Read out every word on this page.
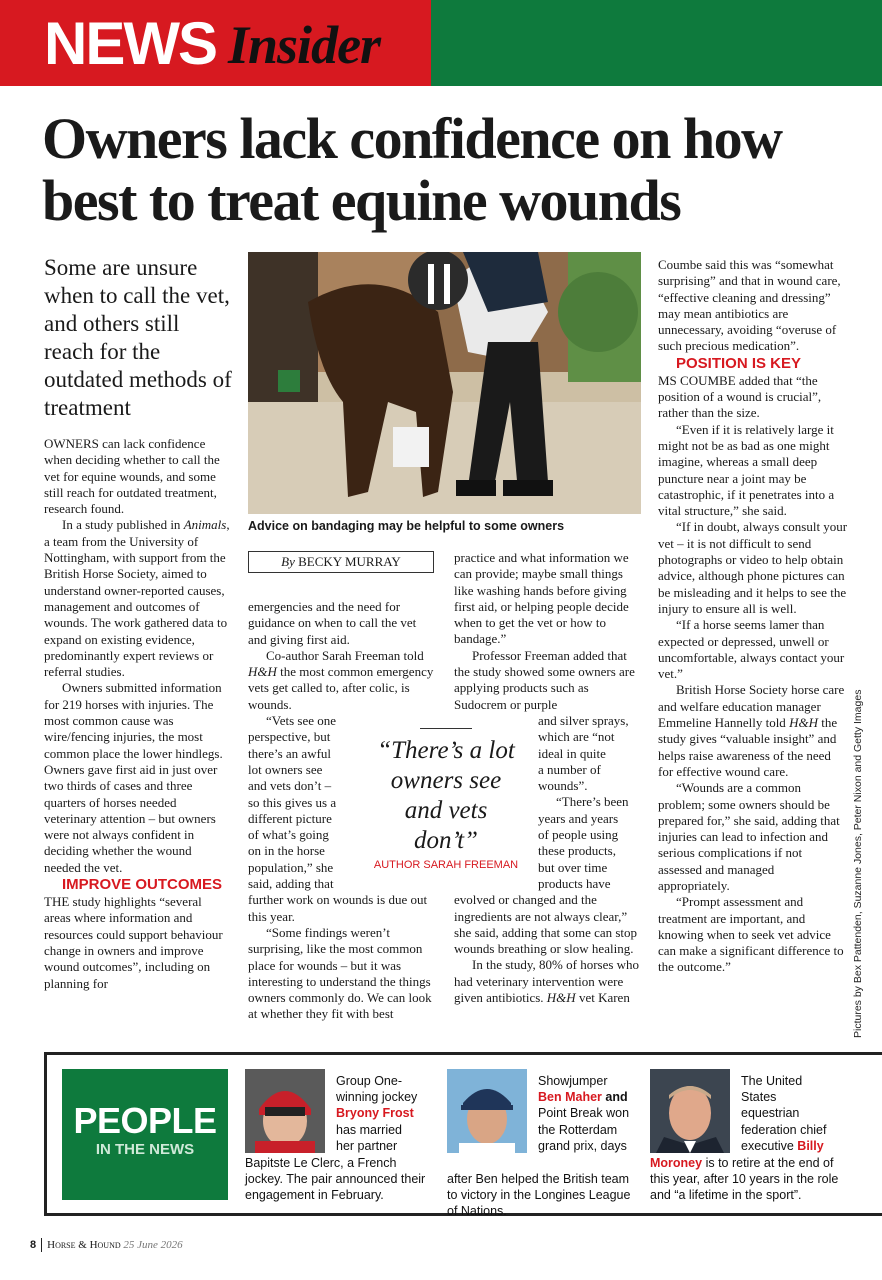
NEWS Insider
Owners lack confidence on how best to treat equine wounds

Some are unsure when to call the vet, and others still reach for the outdated methods of treatment

OWNERS can lack confidence when deciding whether to call the vet for equine wounds, and some still reach for outdated treatment, research found.

In a study published in Animals, a team from the University of Nottingham, with support from the British Horse Society, aimed to understand owner-reported causes, management and outcomes of wounds. The work gathered data to expand on existing evidence, predominantly expert reviews or referral studies.

Owners submitted information for 219 horses with injuries. The most common cause was wire/fencing injuries, the most common place the lower hindlegs. Owners gave first aid in just over two thirds of cases and three quarters of horses needed veterinary attention – but owners were not always confident in deciding whether the wound needed the vet.

IMPROVE OUTCOMES

THE study highlights “several areas where information and resources could support behaviour change in owners and improve wound outcomes”, including on planning for

Advice on bandaging may be helpful to some owners
By BECKY MURRAY

emergencies and the need for guidance on when to call the vet and giving first aid.

Co-author Sarah Freeman told H&H the most common emergency vets get called to, after colic, is wounds.

“Vets see one
perspective, but
there’s an awful
lot owners see
and vets don’t –
so this gives us a
different picture
of what’s going
on in the horse
population,” she
said, adding that
further work on wounds is due out this year.

“Some findings weren’t surprising, like the most common place for wounds – but it was interesting to understand the things owners commonly do. We can look at whether they fit with best

practice and what information we can provide; maybe small things like washing hands before giving first aid, or helping people decide when to get the vet or how to bandage.”

Professor Freeman added that the study showed some owners are applying products such as Sudocrem or purple

and silver sprays,
which are “not
ideal in quite
a number of
wounds”.
“There’s been
years and years
of people using
these products,
but over time
products have

evolved or changed and the ingredients are not always clear,” she said, adding that some can stop wounds breathing or slow healing.

In the study, 80% of horses who had veterinary intervention were given antibiotics. H&H vet Karen

“There’s a lot owners see and vets don’t”
AUTHOR SARAH FREEMAN

Coumbe said this was “somewhat surprising” and that in wound care, “effective cleaning and dressing” may mean antibiotics are unnecessary, avoiding “overuse of such precious medication”.

POSITION IS KEY

MS COUMBE added that “the position of a wound is crucial”, rather than the size.

“Even if it is relatively large it might not be as bad as one might imagine, whereas a small deep puncture near a joint may be catastrophic, if it penetrates into a vital structure,” she said.

“If in doubt, always consult your vet – it is not difficult to send photographs or video to help obtain advice, although phone pictures can be misleading and it helps to see the injury to ensure all is well.

“If a horse seems lamer than expected or depressed, unwell or uncomfortable, always contact your vet.”

British Horse Society horse care and welfare education manager Emmeline Hannelly told H&H the study gives “valuable insight” and helps raise awareness of the need for effective wound care.

“Wounds are a common problem; some owners should be prepared for,” she said, adding that injuries can lead to infection and serious complications if not assessed and managed appropriately.

“Prompt assessment and treatment are important, and knowing when to seek vet advice can make a significant difference to the outcome.”	Pictures by Bex Pattenden, Suzanne Jones, Peter Nixon and Getty Images
PEOPLE
IN THE NEWS
Group One-
winning jockey
Bryony Frost
has married
her partner
Bapitste Le Clerc, a French jockey. The pair announced their engagement in February.
Showjumper
Ben Maher and
Point Break won
the Rotterdam
grand prix, days
after Ben helped the British team to victory in the Longines League of Nations.
The United
States
equestrian
federation chief
executive Billy
Moroney is to retire at the end of this year, after 10 years in the role and “a lifetime in the sport”.
8 Horse & Hound 25 June 2026
